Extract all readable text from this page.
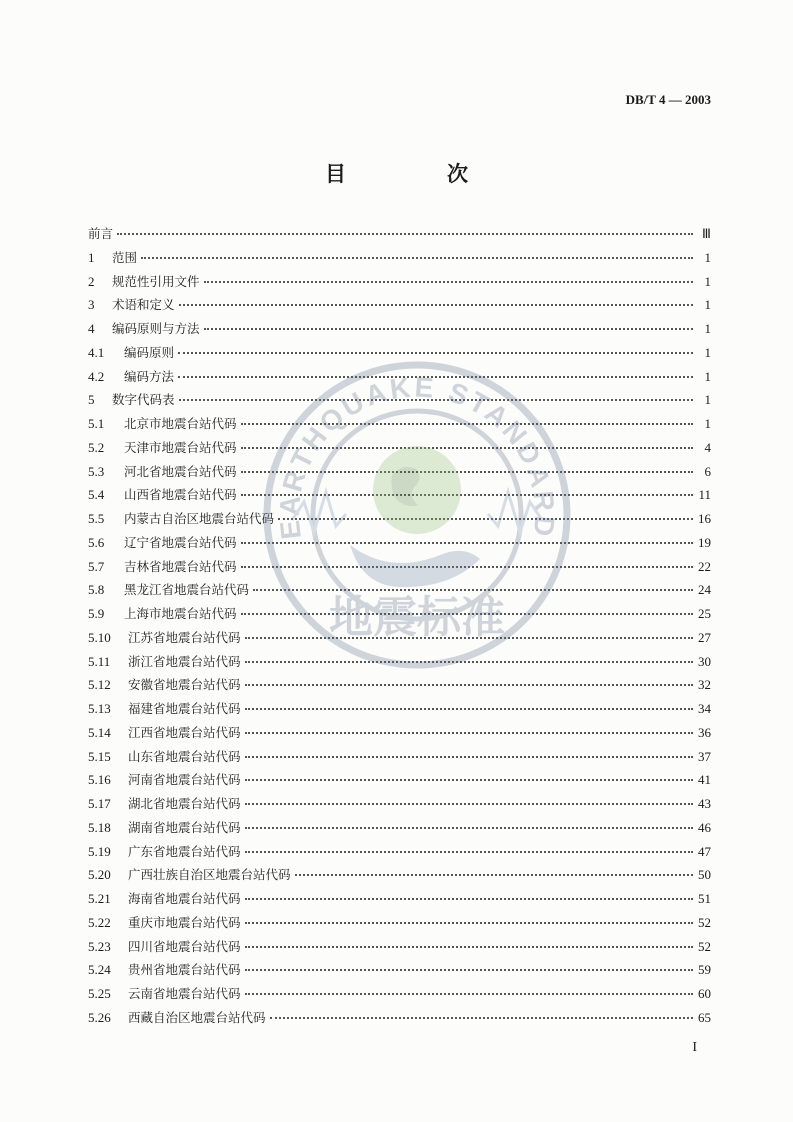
DB/T 4 — 2003
目　次
前言	Ⅲ
1	范围	1
2	规范性引用文件	1
3	术语和定义	1
4	编码原则与方法	1
4.1	编码原则	1
4.2	编码方法	1
5	数字代码表	1
5.1	北京市地震台站代码	1
5.2	天津市地震台站代码	4
5.3	河北省地震台站代码	6
5.4	山西省地震台站代码	11
5.5	内蒙古自治区地震台站代码	16
5.6	辽宁省地震台站代码	19
5.7	吉林省地震台站代码	22
5.8	黑龙江省地震台站代码	24
5.9	上海市地震台站代码	25
5.10	江苏省地震台站代码	27
5.11	浙江省地震台站代码	30
5.12	安徽省地震台站代码	32
5.13	福建省地震台站代码	34
5.14	江西省地震台站代码	36
5.15	山东省地震台站代码	37
5.16	河南省地震台站代码	41
5.17	湖北省地震台站代码	43
5.18	湖南省地震台站代码	46
5.19	广东省地震台站代码	47
5.20	广西壮族自治区地震台站代码	50
5.21	海南省地震台站代码	51
5.22	重庆市地震台站代码	52
5.23	四川省地震台站代码	52
5.24	贵州省地震台站代码	59
5.25	云南省地震台站代码	60
5.26	西藏自治区地震台站代码	65
EARTHQUAKE STANDARD
地震标准
I
